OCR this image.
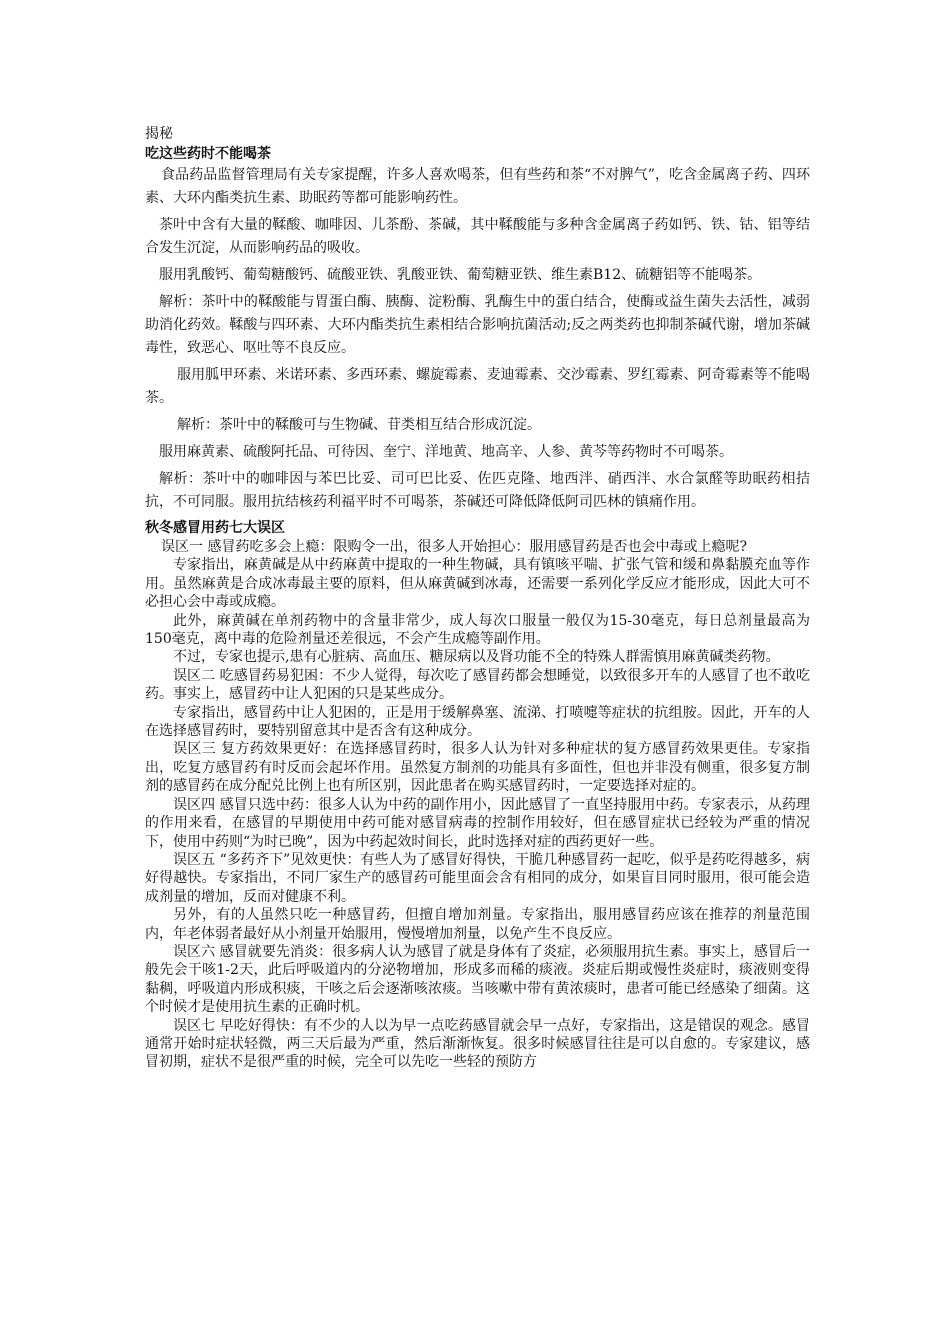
揭秘

吃这些药时不能喝茶

食品药品监督管理局有关专家提醒，许多人喜欢喝茶，但有些药和茶“不对脾气”，吃含金属离子药、四环素、大环内酯类抗生素、助眠药等都可能影响药性。

茶叶中含有大量的鞣酸、咖啡因、儿茶酚、茶碱，其中鞣酸能与多种含金属离子药如钙、铁、钴、铝等结合发生沉淀，从而影响药品的吸收。

服用乳酸钙、葡萄糖酸钙、硫酸亚铁、乳酸亚铁、葡萄糖亚铁、维生素B12、硫糖铝等不能喝茶。

解析：茶叶中的鞣酸能与胃蛋白酶、胰酶、淀粉酶、乳酶生中的蛋白结合，使酶或益生菌失去活性，减弱助消化药效。鞣酸与四环素、大环内酯类抗生素相结合影响抗菌活动;反之两类药也抑制茶碱代谢，增加茶碱毒性，致恶心、呕吐等不良反应。

服用胍甲环素、米诺环素、多西环素、螺旋霉素、麦迪霉素、交沙霉素、罗红霉素、阿奇霉素等不能喝茶。

解析：茶叶中的鞣酸可与生物碱、苷类相互结合形成沉淀。

服用麻黄素、硫酸阿托品、可待因、奎宁、洋地黄、地高辛、人参、黄芩等药物时不可喝茶。

解析：茶叶中的咖啡因与苯巴比妥、司可巴比妥、佐匹克隆、地西泮、硝西泮、水合氯醛等助眠药相拮抗，不可同服。服用抗结核药利福平时不可喝茶，茶碱还可降低降低阿司匹林的镇痛作用。

秋冬感冒用药七大误区

误区一 感冒药吃多会上瘾：限购令一出，很多人开始担心：服用感冒药是否也会中毒或上瘾呢?

专家指出，麻黄碱是从中药麻黄中提取的一种生物碱，具有镇咳平喘、扩张气管和缓和鼻黏膜充血等作用。虽然麻黄是合成冰毒最主要的原料，但从麻黄碱到冰毒，还需要一系列化学反应才能形成，因此大可不必担心会中毒或成瘾。

此外，麻黄碱在单剂药物中的含量非常少，成人每次口服量一般仅为15-30毫克，每日总剂量最高为150毫克，离中毒的危险剂量还差很远，不会产生成瘾等副作用。

不过，专家也提示,患有心脏病、高血压、糖尿病以及肾功能不全的特殊人群需慎用麻黄碱类药物。

误区二 吃感冒药易犯困：不少人觉得，每次吃了感冒药都会想睡觉，以致很多开车的人感冒了也不敢吃药。事实上，感冒药中让人犯困的只是某些成分。

专家指出，感冒药中让人犯困的，正是用于缓解鼻塞、流涕、打喷嚏等症状的抗组胺。因此，开车的人在选择感冒药时，要特别留意其中是否含有这种成分。

误区三 复方药效果更好：在选择感冒药时，很多人认为针对多种症状的复方感冒药效果更佳。专家指出，吃复方感冒药有时反而会起坏作用。虽然复方制剂的功能具有多面性，但也并非没有侧重，很多复方制剂的感冒药在成分配兑比例上也有所区别，因此患者在购买感冒药时，一定要选择对症的。

误区四 感冒只选中药：很多人认为中药的副作用小，因此感冒了一直坚持服用中药。专家表示，从药理的作用来看，在感冒的早期使用中药可能对感冒病毒的控制作用较好，但在感冒症状已经较为严重的情况下，使用中药则“为时已晚”，因为中药起效时间长，此时选择对症的西药更好一些。

误区五 “多药齐下”见效更快：有些人为了感冒好得快，干脆几种感冒药一起吃，似乎是药吃得越多，病好得越快。专家指出，不同厂家生产的感冒药可能里面会含有相同的成分，如果盲目同时服用，很可能会造成剂量的增加，反而对健康不利。

另外，有的人虽然只吃一种感冒药，但擅自增加剂量。专家指出，服用感冒药应该在推荐的剂量范围内，年老体弱者最好从小剂量开始服用，慢慢增加剂量，以免产生不良反应。

误区六 感冒就要先消炎：很多病人认为感冒了就是身体有了炎症，必须服用抗生素。事实上，感冒后一般先会干咳1-2天，此后呼吸道内的分泌物增加，形成多而稀的痰液。炎症后期或慢性炎症时，痰液则变得黏稠，呼吸道内形成积痰，干咳之后会逐渐咳浓痰。当咳嗽中带有黄浓痰时，患者可能已经感染了细菌。这个时候才是使用抗生素的正确时机。

误区七 早吃好得快：有不少的人以为早一点吃药感冒就会早一点好，专家指出，这是错误的观念。感冒通常开始时症状轻微，两三天后最为严重，然后渐渐恢复。很多时候感冒往往是可以自愈的。专家建议，感冒初期，症状不是很严重的时候，完全可以先吃一些轻的预防方
